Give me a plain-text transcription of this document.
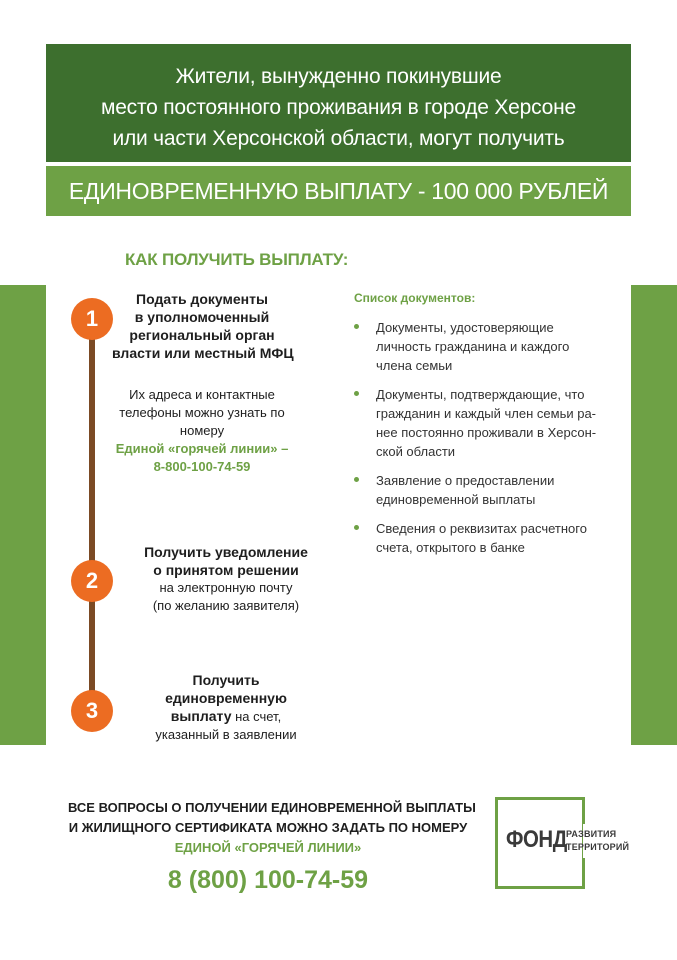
Жители, вынужденно покинувшие
место постоянного проживания в городе Херсоне
или части Херсонской области, могут получить
ЕДИНОВРЕМЕННУЮ ВЫПЛАТУ - 100 000 РУБЛЕЙ
КАК ПОЛУЧИТЬ ВЫПЛАТУ:
1
Подать документы
в уполномоченный
региональный орган
власти или местный МФЦ
Их адреса и контактные
телефоны можно узнать по
номеру
Единой «горячей линии» –
8-800-100-74-59
2
Получить уведомление
о принятом решении
на электронную почту
(по желанию заявителя)
3
Получить
единовременную
выплату на счет,
указанный в заявлении
Список документов:
Документы, удостоверяющие
личность гражданина и каждого
члена семьи
Документы, подтверждающие, что
гражданин и каждый член семьи ра-
нее постоянно проживали в Херсон-
ской области
Заявление о предоставлении
единовременной выплаты
Сведения о реквизитах расчетного
счета, открытого в банке
ВСЕ ВОПРОСЫ О ПОЛУЧЕНИИ ЕДИНОВРЕМЕННОЙ ВЫПЛАТЫ
И ЖИЛИЩНОГО СЕРТИФИКАТА МОЖНО ЗАДАТЬ ПО НОМЕРУ
ЕДИНОЙ «ГОРЯЧЕЙ ЛИНИИ»
8 (800) 100-74-59
ФОНД РАЗВИТИЯ
ТЕРРИТОРИЙ
